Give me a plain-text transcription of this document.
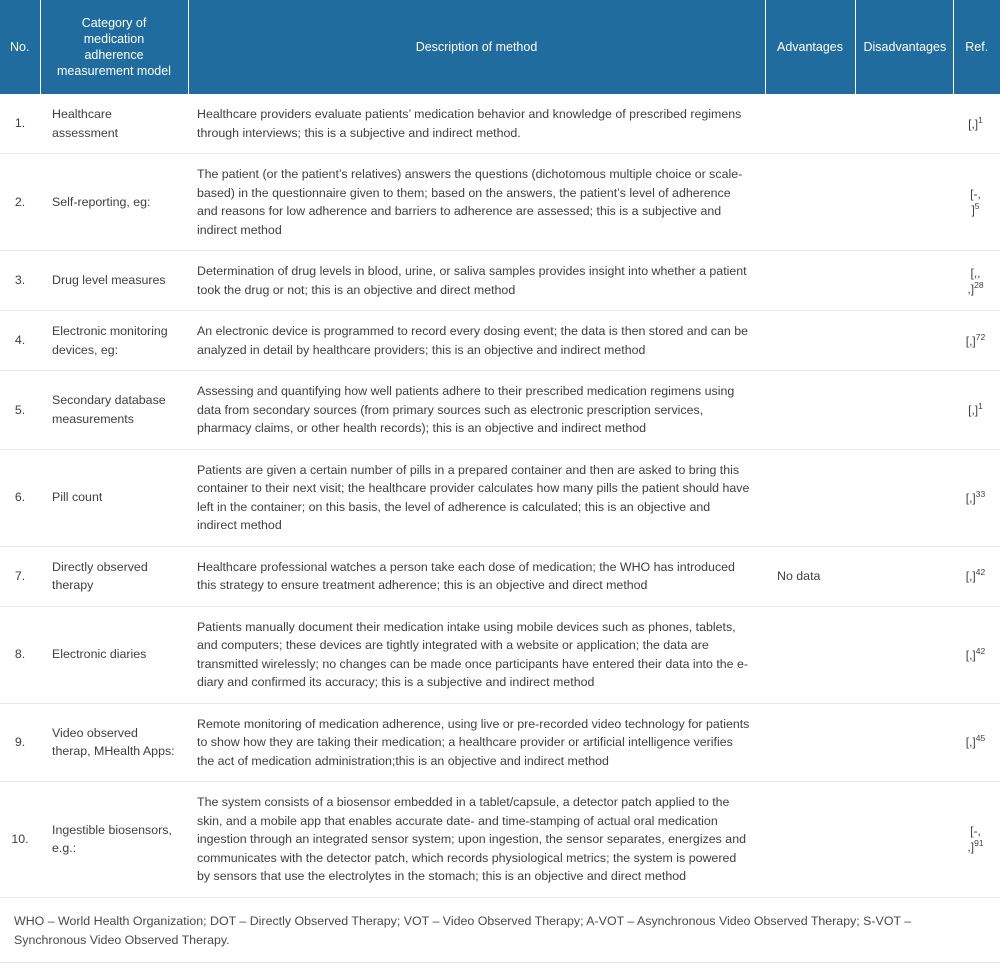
No.	Category of
medication
adherence
measurement model	Description of method	Advantages	Disadvantages	Ref.
1.	Healthcare assessment	Healthcare providers evaluate patients’ medication behavior and knowledge of prescribed regimens through interviews; this is a subjective and indirect method.			[,]$^1$
2.	Self-reporting, eg:	The patient (or the patient’s relatives) answers the questions (dichotomous multiple choice or scale-based) in the questionnaire given to them; based on the answers, the patient’s level of adherence and reasons for low adherence and barriers to adherence are assessed; this is a subjective and indirect method			[-,
]$^5$
3.	Drug level measures	Determination of drug levels in blood, urine, or saliva samples provides insight into whether a patient took the drug or not; this is an objective and direct method			[,,
,]$^{28}$
4.	Electronic monitoring devices, eg:	An electronic device is programmed to record every dosing event; the data is then stored and can be analyzed in detail by healthcare providers; this is an objective and indirect method			[,]$^{72}$
5.	Secondary database measurements	Assessing and quantifying how well patients adhere to their prescribed medication regimens using data from secondary sources (from primary sources such as electronic prescription services, pharmacy claims, or other health records); this is an objective and indirect method			[,]$^1$
6.	Pill count	Patients are given a certain number of pills in a prepared container and then are asked to bring this container to their next visit; the healthcare provider calculates how many pills the patient should have left in the container; on this basis, the level of adherence is calculated; this is an objective and indirect method			[,]$^{33}$
7.	Directly observed therapy	Healthcare professional watches a person take each dose of medication; the WHO has introduced this strategy to ensure treatment adherence; this is an objective and direct method	No data		[,]$^{42}$
8.	Electronic diaries	Patients manually document their medication intake using mobile devices such as phones, tablets, and computers; these devices are tightly integrated with a website or application; the data are transmitted wirelessly; no changes can be made once participants have entered their data into the e-diary and confirmed its accuracy; this is a subjective and indirect method			[,]$^{42}$
9.	Video observed therap, MHealth Apps:	Remote monitoring of medication adherence, using live or pre-recorded video technology for patients to show how they are taking their medication; a healthcare provider or artificial intelligence verifies the act of medication administration;this is an objective and indirect method			[,]$^{45}$
10.	Ingestible biosensors, e.g.:	The system consists of a biosensor embedded in a tablet/capsule, a detector patch applied to the skin, and a mobile app that enables accurate date- and time-stamping of actual oral medication ingestion through an integrated sensor system; upon ingestion, the sensor separates, energizes and communicates with the detector patch, which records physiological metrics; the system is powered by sensors that use the electrolytes in the stomach; this is an objective and direct method			[-,
,]$^{91}$
WHO – World Health Organization; DOT – Directly Observed Therapy; VOT – Video Observed Therapy; A-VOT – Asynchronous Video Observed Therapy; S-VOT – Synchronous Video Observed Therapy.
